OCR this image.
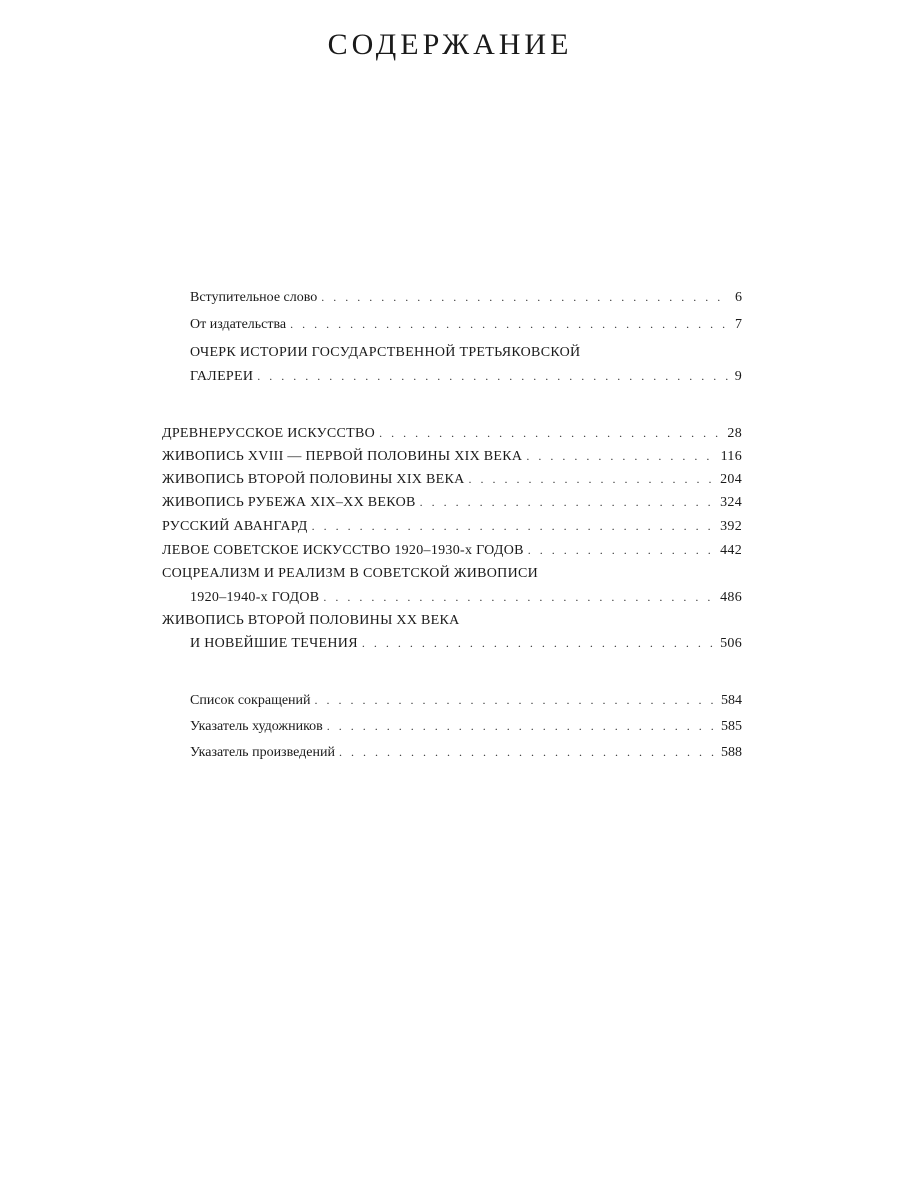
СОДЕРЖАНИЕ
Вступительное слово . . .	6
От издательства . . .	7
ОЧЕРК ИСТОРИИ ГОСУДАРСТВЕННОЙ ТРЕТЬЯКОВСКОЙ
ГАЛЕРЕИ . . .	9
ДРЕВНЕРУССКОЕ ИСКУССТВО . . .	28
ЖИВОПИСЬ XVIII — ПЕРВОЙ ПОЛОВИНЫ XIX ВЕКА . . .	116
ЖИВОПИСЬ ВТОРОЙ ПОЛОВИНЫ XIX ВЕКА . . .	204
ЖИВОПИСЬ РУБЕЖА XIX–XX ВЕКОВ . . .	324
РУССКИЙ АВАНГАРД . . .	392
ЛЕВОЕ СОВЕТСКОЕ ИСКУССТВО 1920–1930-х ГОДОВ . . .	442
СОЦРЕАЛИЗМ И РЕАЛИЗМ В СОВЕТСКОЙ ЖИВОПИСИ
1920–1940-х ГОДОВ . . .	486
ЖИВОПИСЬ ВТОРОЙ ПОЛОВИНЫ XX ВЕКА
И НОВЕЙШИЕ ТЕЧЕНИЯ . . .	506
Список сокращений . . .	584
Указатель художников . . .	585
Указатель произведений . . .	588
